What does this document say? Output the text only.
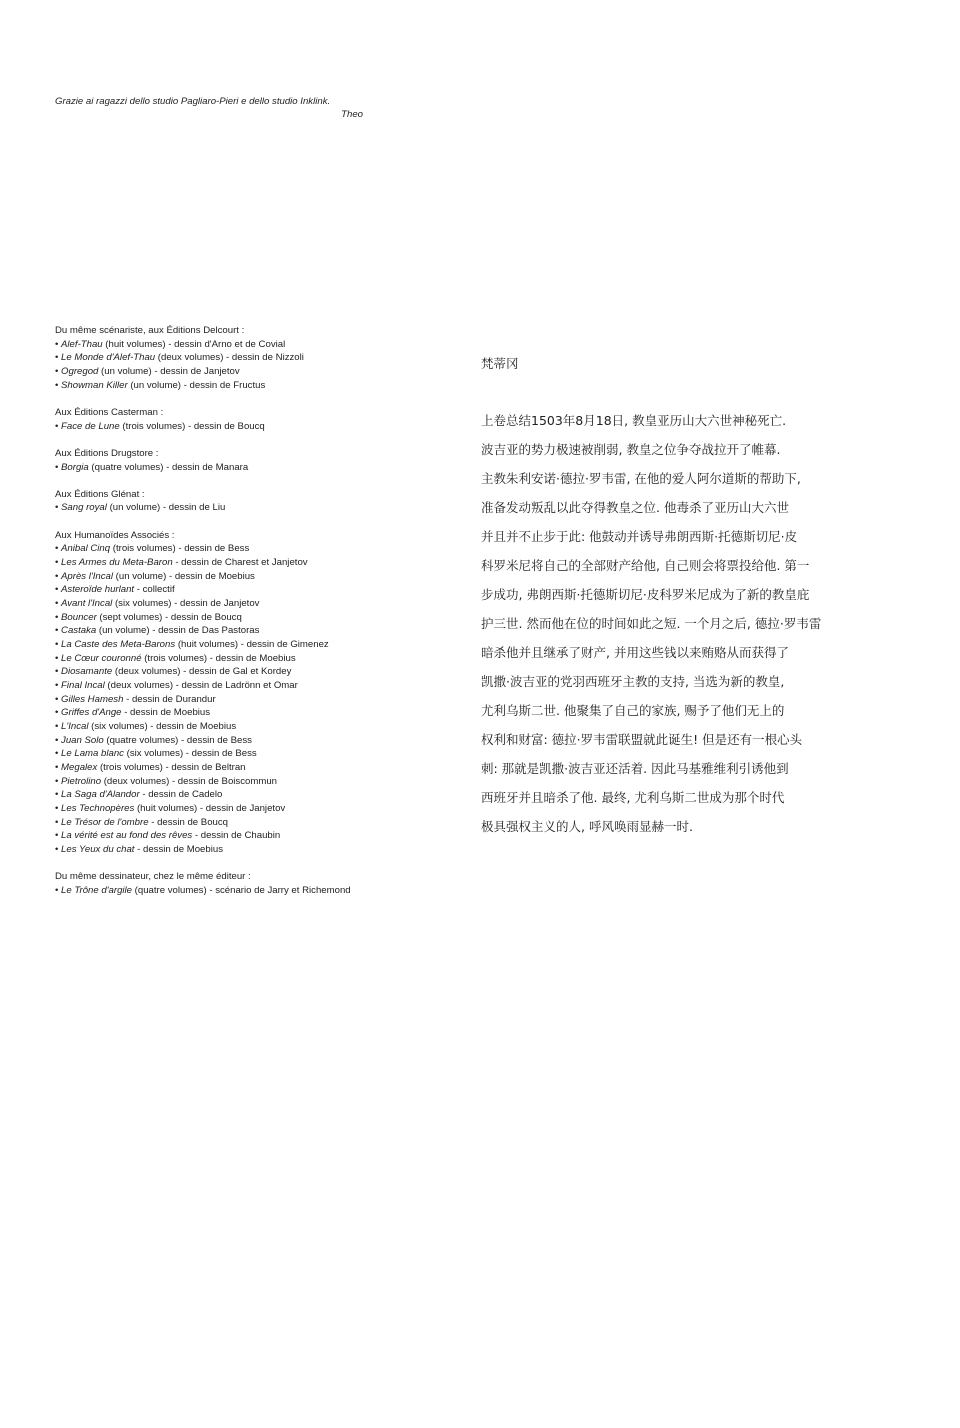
Grazie ai ragazzi dello studio Pagliaro-Pieri e dello studio Inklink.
Theo
Du même scénariste, aux Éditions Delcourt :
• Alef-Thau (huit volumes) - dessin d'Arno et de Covial
• Le Monde d'Alef-Thau (deux volumes) - dessin de Nizzoli
• Ogregod (un volume) - dessin de Janjetov
• Showman Killer (un volume) - dessin de Fructus
Aux Éditions Casterman :
• Face de Lune (trois volumes) - dessin de Boucq
Aux Éditions Drugstore :
• Borgia (quatre volumes) - dessin de Manara
Aux Éditions Glénat :
• Sang royal (un volume) - dessin de Liu
Aux Humanoïdes Associés :
• Anibal Cinq (trois volumes) - dessin de Bess
• Les Armes du Meta-Baron - dessin de Charest et Janjetov
• Après l'Incal (un volume) - dessin de Moebius
• Asteroïde hurlant - collectif
• Avant l'Incal (six volumes) - dessin de Janjetov
• Bouncer (sept volumes) - dessin de Boucq
• Castaka (un volume) - dessin de Das Pastoras
• La Caste des Meta-Barons (huit volumes) - dessin de Gimenez
• Le Cœur couronné (trois volumes) - dessin de Moebius
• Diosamante (deux volumes) - dessin de Gal et Kordey
• Final Incal (deux volumes) - dessin de Ladrönn et Omar
• Gilles Hamesh - dessin de Durandur
• Griffes d'Ange - dessin de Moebius
• L'Incal (six volumes) - dessin de Moebius
• Juan Solo (quatre volumes) - dessin de Bess
• Le Lama blanc (six volumes) - dessin de Bess
• Megalex (trois volumes) - dessin de Beltran
• Pietrolino (deux volumes) - dessin de Boiscommun
• La Saga d'Alandor - dessin de Cadelo
• Les Technopères (huit volumes) - dessin de Janjetov
• Le Trésor de l'ombre - dessin de Boucq
• La vérité est au fond des rêves - dessin de Chaubin
• Les Yeux du chat - dessin de Moebius
Du même dessinateur, chez le même éditeur :
• Le Trône d'argile (quatre volumes) - scénario de Jarry et Richemond
梵蒂冈
上卷总结1503年8月18日, 教皇亚历山大六世神秘死亡.
波吉亚的势力极速被削弱, 教皇之位争夺战拉开了帷幕.
主教朱利安诺·德拉·罗韦雷, 在他的爱人阿尔道斯的帮助下,
准备发动叛乱以此夺得教皇之位. 他毒杀了亚历山大六世
并且并不止步于此: 他鼓动并诱导弗朗西斯·托德斯切尼·皮
科罗米尼将自己的全部财产给他, 自己则会将票投给他. 第一
步成功, 弗朗西斯·托德斯切尼·皮科罗米尼成为了新的教皇庇
护三世. 然而他在位的时间如此之短. 一个月之后, 德拉·罗韦雷
暗杀他并且继承了财产, 并用这些钱以来贿赂从而获得了
凯撒·波吉亚的党羽西班牙主教的支持, 当选为新的教皇,
尤利乌斯二世. 他聚集了自己的家族, 赐予了他们无上的
权利和财富: 德拉·罗韦雷联盟就此诞生! 但是还有一根心头
刺: 那就是凯撒·波吉亚还活着. 因此马基雅维利引诱他到
西班牙并且暗杀了他. 最终, 尤利乌斯二世成为那个时代
极具强权主义的人, 呼风唤雨显赫一时.
